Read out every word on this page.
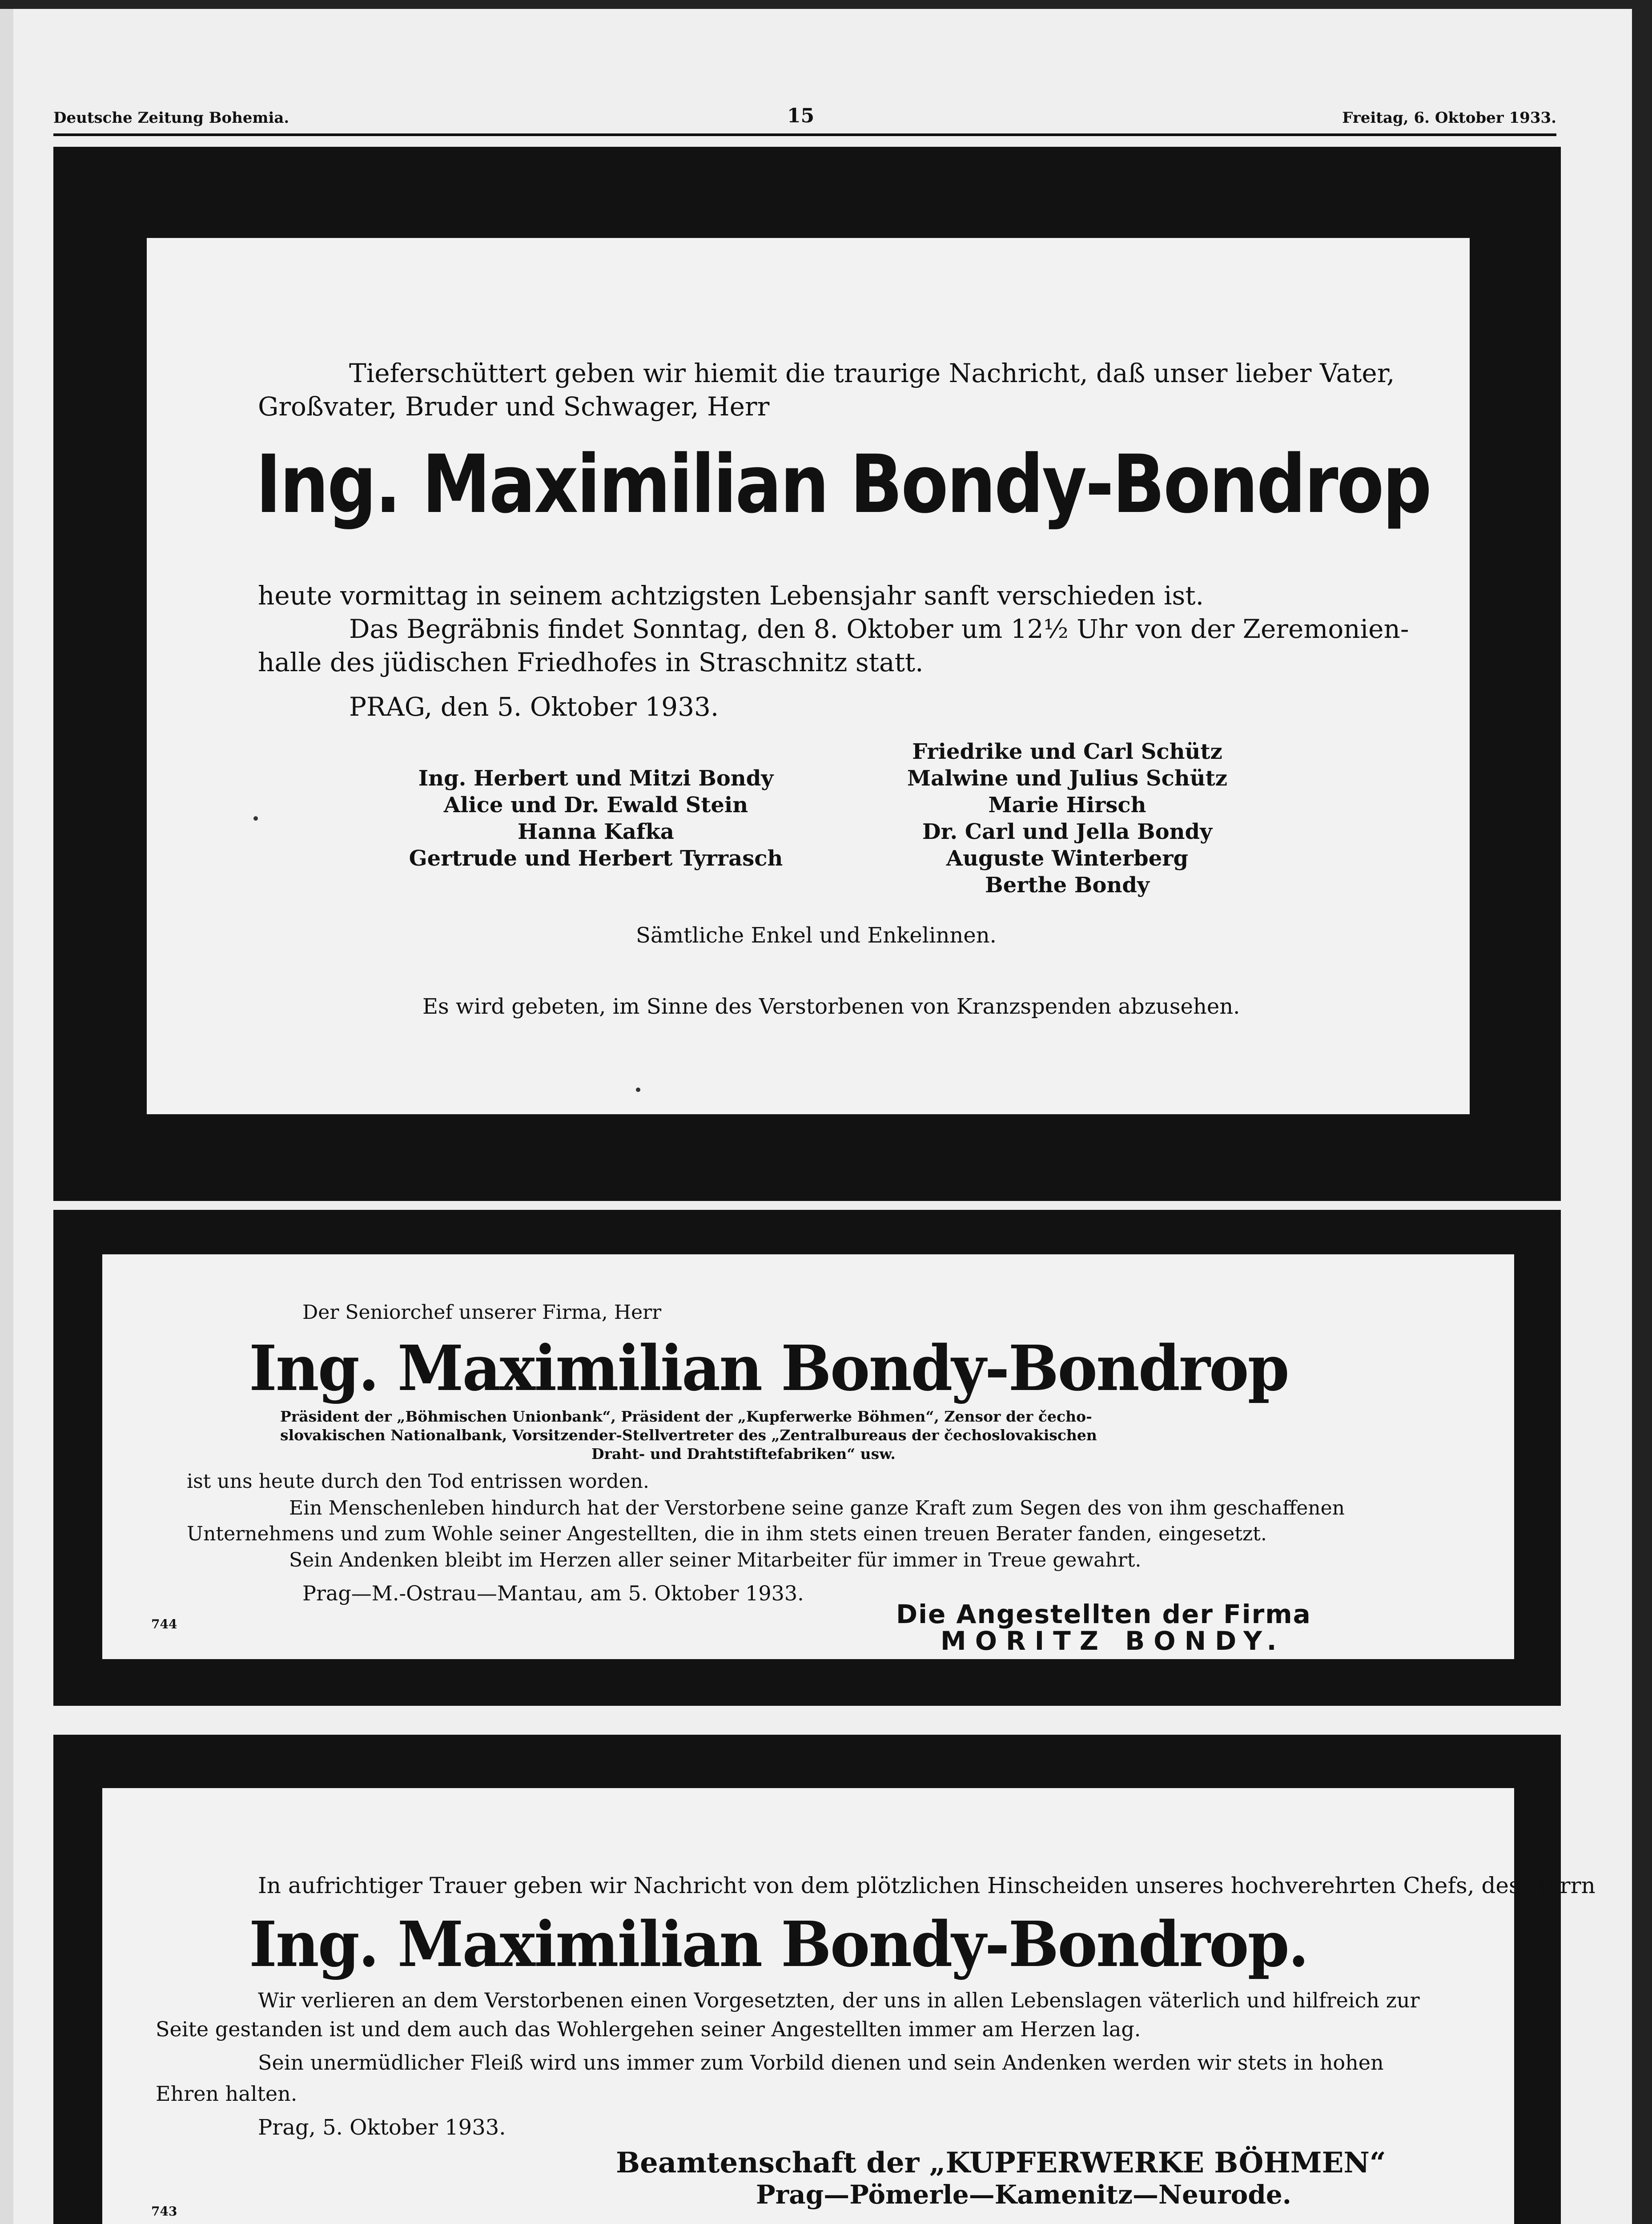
Deutsche Zeitung Bohemia.	15	Freitag, 6. Oktober 1933.
Tieferschüttert geben wir hiemit die traurige Nachricht, daß unser lieber Vater,
Großvater, Bruder und Schwager, Herr
Ing. Maximilian Bondy-Bondrop
heute vormittag in seinem achtzigsten Lebensjahr sanft verschieden ist.
Das Begräbnis findet Sonntag, den 8. Oktober um 12½ Uhr von der Zeremonien-
halle des jüdischen Friedhofes in Straschnitz statt.
PRAG, den 5. Oktober 1933.
Ing. Herbert und Mitzi Bondy
Alice und Dr. Ewald Stein
Hanna Kafka
Gertrude und Herbert Tyrrasch
Friedrike und Carl Schütz
Malwine und Julius Schütz
Marie Hirsch
Dr. Carl und Jella Bondy
Auguste Winterberg
Berthe Bondy
Sämtliche Enkel und Enkelinnen.
Es wird gebeten, im Sinne des Verstorbenen von Kranzspenden abzusehen.
Der Seniorchef unserer Firma, Herr
Ing. Maximilian Bondy-Bondrop
Präsident der „Böhmischen Unionbank“, Präsident der „Kupferwerke Böhmen“, Zensor der čecho-
slovakischen Nationalbank, Vorsitzender-Stellvertreter des „Zentralbureaus der čechoslovakischen
Draht- und Drahtstiftefabriken“ usw.
ist uns heute durch den Tod entrissen worden.
Ein Menschenleben hindurch hat der Verstorbene seine ganze Kraft zum Segen des von ihm geschaffenen
Unternehmens und zum Wohle seiner Angestellten, die in ihm stets einen treuen Berater fanden, eingesetzt.
Sein Andenken bleibt im Herzen aller seiner Mitarbeiter für immer in Treue gewahrt.
Prag—M.-Ostrau—Mantau, am 5. Oktober 1933.
744	Die Angestellten der Firma
MORITZ BONDY.
In aufrichtiger Trauer geben wir Nachricht von dem plötzlichen Hinscheiden unseres hochverehrten Chefs, des Herrn
Ing. Maximilian Bondy-Bondrop.
Wir verlieren an dem Verstorbenen einen Vorgesetzten, der uns in allen Lebenslagen väterlich und hilfreich zur
Seite gestanden ist und dem auch das Wohlergehen seiner Angestellten immer am Herzen lag.
Sein unermüdlicher Fleiß wird uns immer zum Vorbild dienen und sein Andenken werden wir stets in hohen
Ehren halten.
Prag, 5. Oktober 1933.
743
Beamtenschaft der „KUPFERWERKE BÖHMEN“
Prag—Pömerle—Kamenitz—Neurode.
